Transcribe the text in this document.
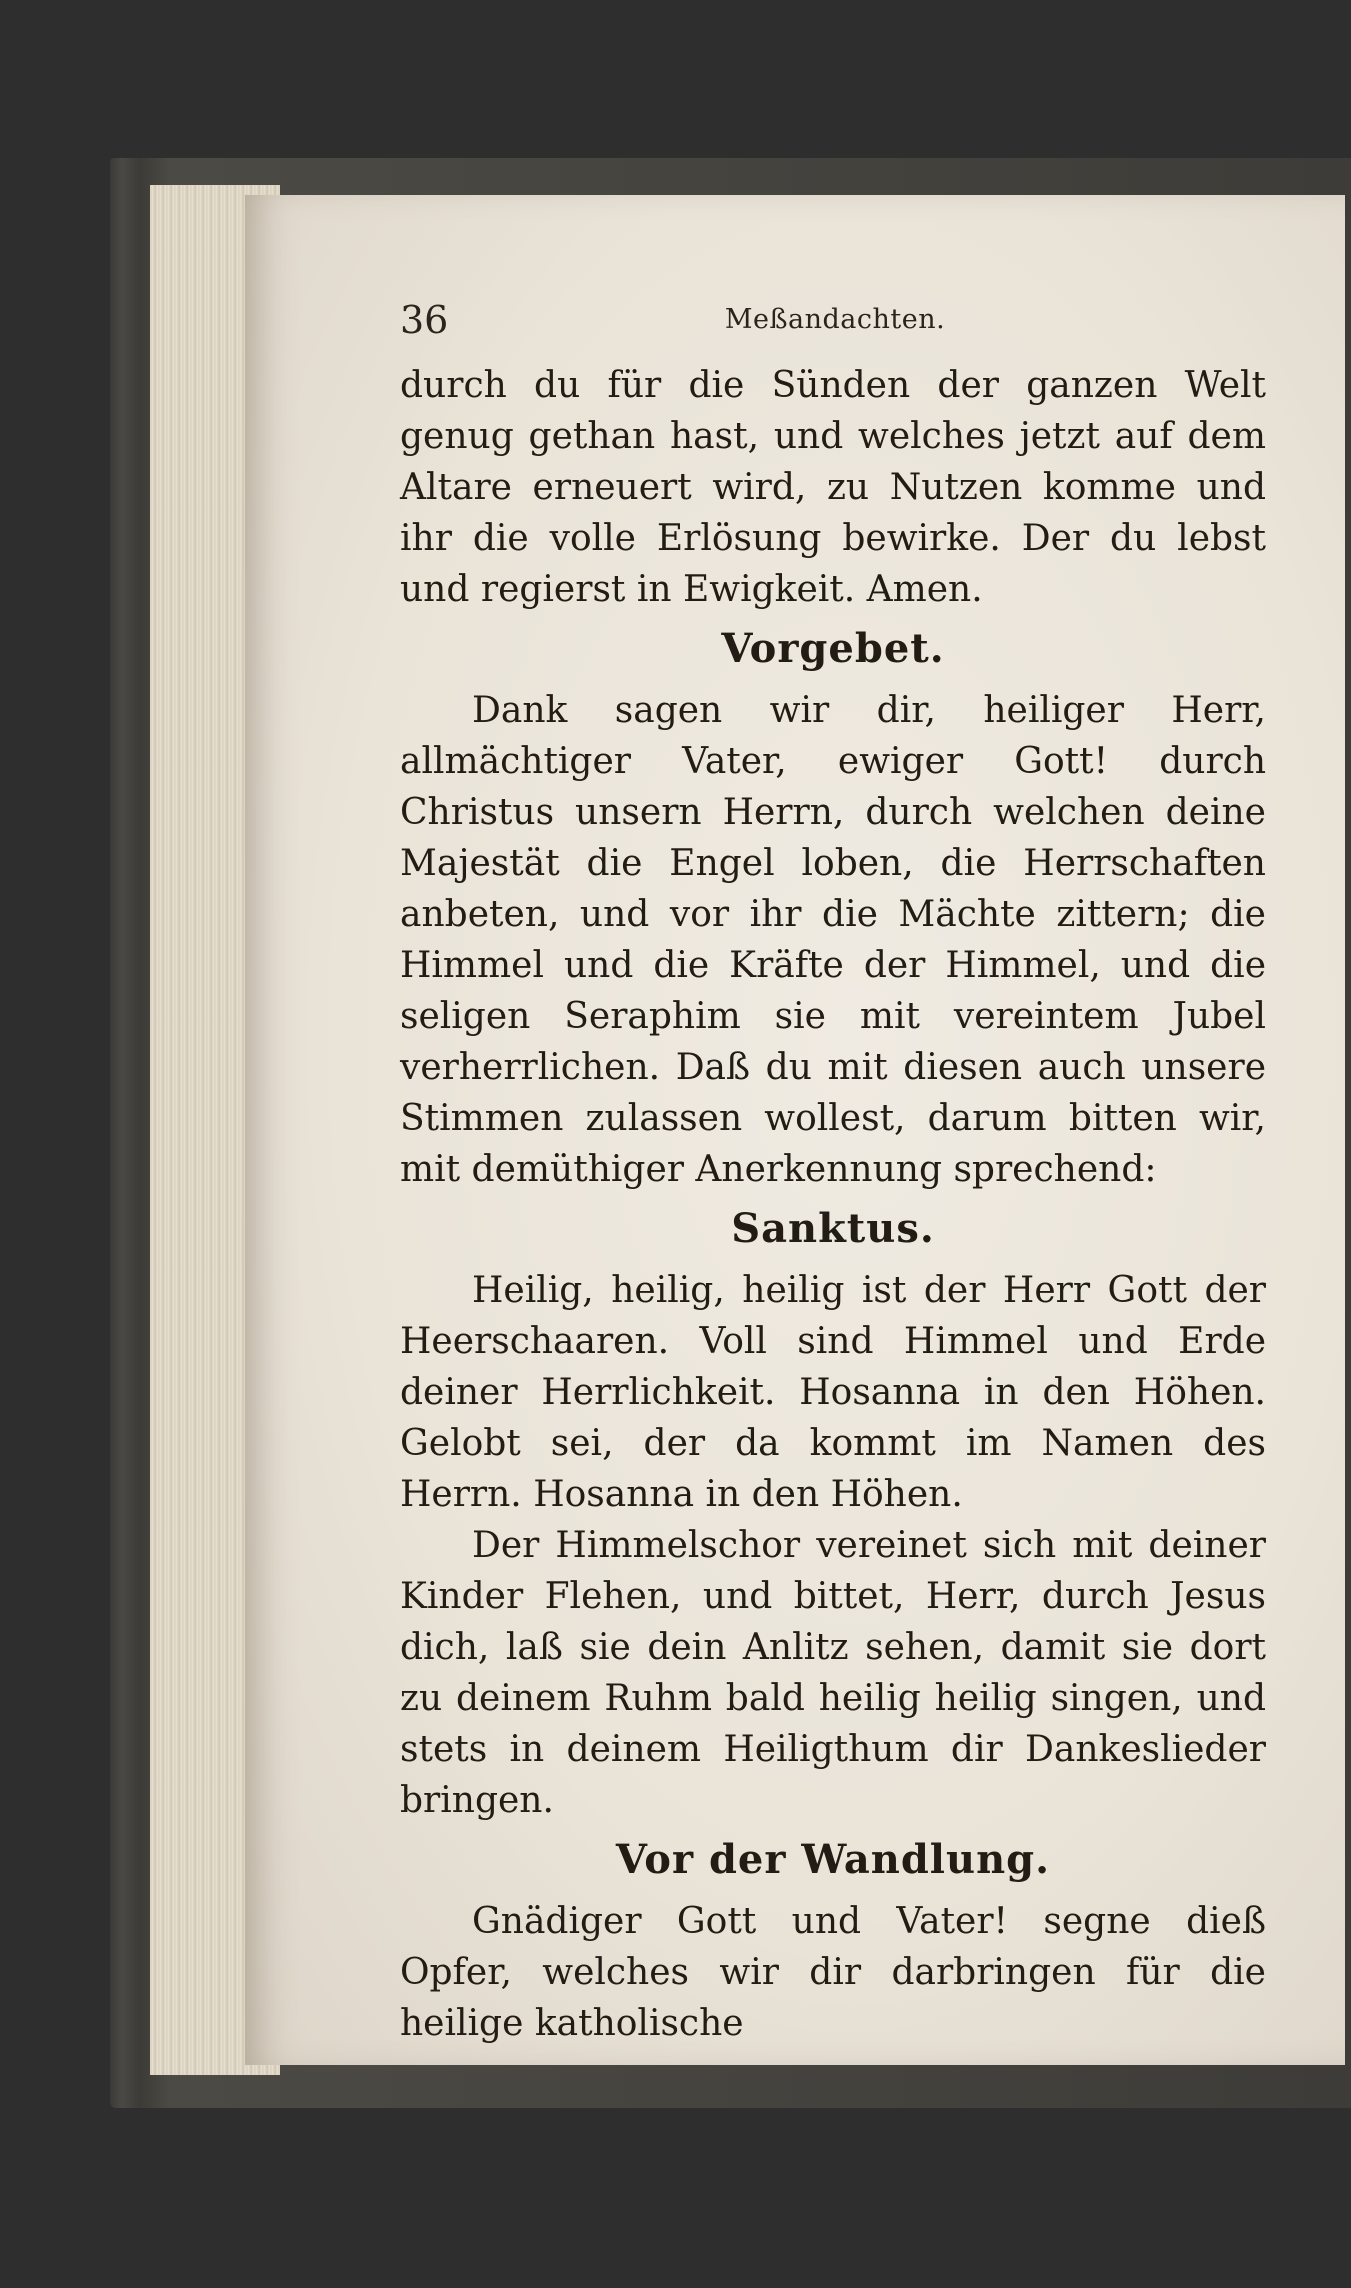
36	Meßandachten.

durch du für die Sünden der ganzen Welt genug gethan hast, und welches jetzt auf dem Altare erneuert wird, zu Nutzen komme und ihr die volle Erlösung bewirke. Der du lebst und regierst in Ewigkeit. Amen.

Vorgebet.

Dank sagen wir dir, heiliger Herr, allmächtiger Vater, ewiger Gott! durch Christus unsern Herrn, durch welchen deine Majestät die Engel loben, die Herrschaften anbeten, und vor ihr die Mächte zittern; die Himmel und die Kräfte der Himmel, und die seligen Seraphim sie mit vereintem Jubel verherrlichen. Daß du mit diesen auch unsere Stimmen zulassen wollest, darum bitten wir, mit demüthiger Anerkennung sprechend:

Sanktus.

Heilig, heilig, heilig ist der Herr Gott der Heerschaaren. Voll sind Himmel und Erde deiner Herrlichkeit. Hosanna in den Höhen. Gelobt sei, der da kommt im Namen des Herrn. Hosanna in den Höhen.

Der Himmelschor vereinet sich mit deiner Kinder Flehen, und bittet, Herr, durch Jesus dich, laß sie dein Anlitz sehen, damit sie dort zu deinem Ruhm bald heilig heilig singen, und stets in deinem Heiligthum dir Dankeslieder bringen.

Vor der Wandlung.

Gnädiger Gott und Vater! segne dieß Opfer, welches wir dir darbringen für die heilige katholische
